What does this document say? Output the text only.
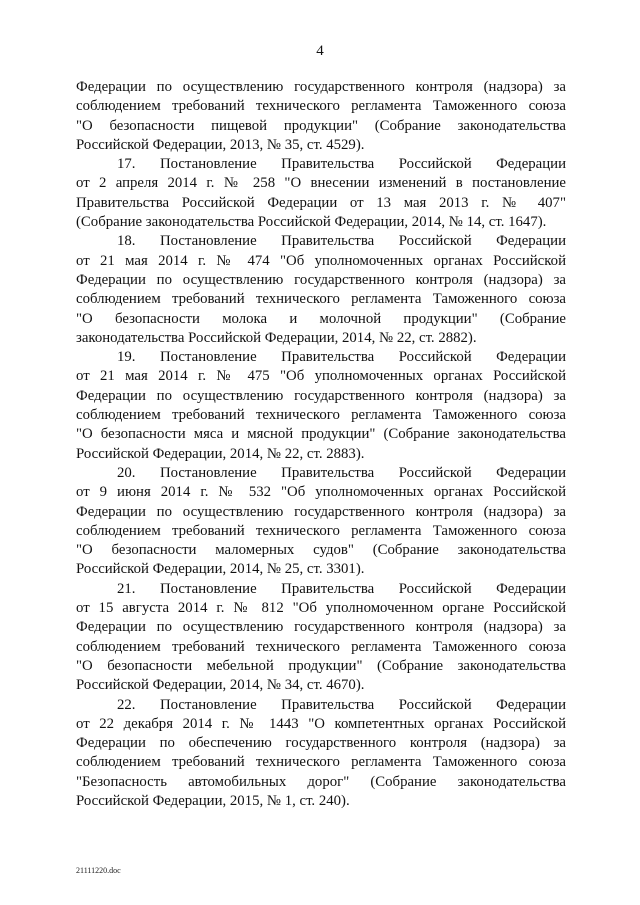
4
Федерации по осуществлению государственного контроля (надзора) за
соблюдением требований технического регламента Таможенного союза
"О безопасности пищевой продукции" (Собрание законодательства
Российской Федерации, 2013, № 35, ст. 4529).
17. Постановление Правительства Российской Федерации
от 2 апреля 2014 г. № 258 "О внесении изменений в постановление
Правительства Российской Федерации от 13 мая 2013 г. № 407"
(Собрание законодательства Российской Федерации, 2014, № 14, ст. 1647).
18. Постановление Правительства Российской Федерации
от 21 мая 2014 г. № 474 "Об уполномоченных органах Российской
Федерации по осуществлению государственного контроля (надзора) за
соблюдением требований технического регламента Таможенного союза
"О безопасности молока и молочной продукции" (Собрание
законодательства Российской Федерации, 2014, № 22, ст. 2882).
19. Постановление Правительства Российской Федерации
от 21 мая 2014 г. № 475 "Об уполномоченных органах Российской
Федерации по осуществлению государственного контроля (надзора) за
соблюдением требований технического регламента Таможенного союза
"О безопасности мяса и мясной продукции" (Собрание законодательства
Российской Федерации, 2014, № 22, ст. 2883).
20. Постановление Правительства Российской Федерации
от 9 июня 2014 г. № 532 "Об уполномоченных органах Российской
Федерации по осуществлению государственного контроля (надзора) за
соблюдением требований технического регламента Таможенного союза
"О безопасности маломерных судов" (Собрание законодательства
Российской Федерации, 2014, № 25, ст. 3301).
21. Постановление Правительства Российской Федерации
от 15 августа 2014 г. № 812 "Об уполномоченном органе Российской
Федерации по осуществлению государственного контроля (надзора) за
соблюдением требований технического регламента Таможенного союза
"О безопасности мебельной продукции" (Собрание законодательства
Российской Федерации, 2014, № 34, ст. 4670).
22. Постановление Правительства Российской Федерации
от 22 декабря 2014 г. № 1443 "О компетентных органах Российской
Федерации по обеспечению государственного контроля (надзора) за
соблюдением требований технического регламента Таможенного союза
"Безопасность автомобильных дорог" (Собрание законодательства
Российской Федерации, 2015, № 1, ст. 240).
21111220.doc
